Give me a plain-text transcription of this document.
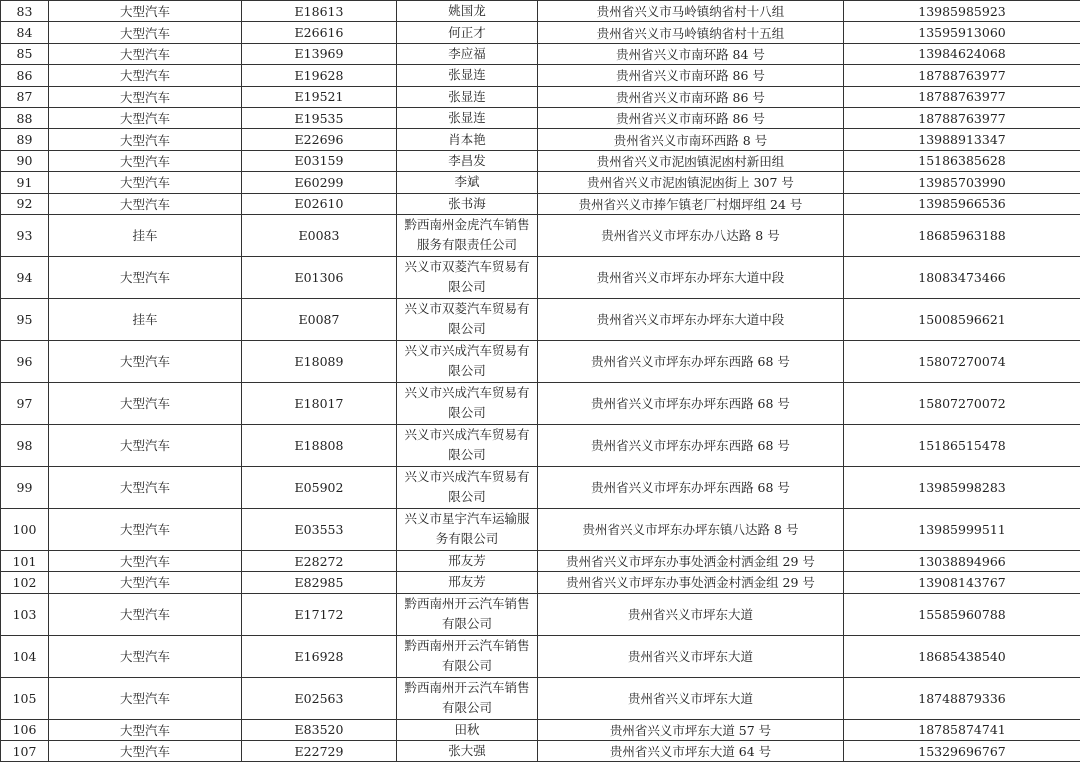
83	大型汽车	E18613	姚国龙	贵州省兴义市马岭镇纳省村十八组	13985985923
84	大型汽车	E26616	何正才	贵州省兴义市马岭镇纳省村十五组	13595913060
85	大型汽车	E13969	李应福	贵州省兴义市南环路 84 号	13984624068
86	大型汽车	E19628	张显连	贵州省兴义市南环路 86 号	18788763977
87	大型汽车	E19521	张显连	贵州省兴义市南环路 86 号	18788763977
88	大型汽车	E19535	张显连	贵州省兴义市南环路 86 号	18788763977
89	大型汽车	E22696	肖本艳	贵州省兴义市南环西路 8 号	13988913347
90	大型汽车	E03159	李昌发	贵州省兴义市泥凼镇泥凼村新田组	15186385628
91	大型汽车	E60299	李斌	贵州省兴义市泥凼镇泥凼街上 307 号	13985703990
92	大型汽车	E02610	张书海	贵州省兴义市捧乍镇老厂村烟坪组 24 号	13985966536
93	挂车	E0083	黔西南州金虎汽车销售服务有限责任公司	贵州省兴义市坪东办八达路 8 号	18685963188
94	大型汽车	E01306	兴义市双菱汽车贸易有限公司	贵州省兴义市坪东办坪东大道中段	18083473466
95	挂车	E0087	兴义市双菱汽车贸易有限公司	贵州省兴义市坪东办坪东大道中段	15008596621
96	大型汽车	E18089	兴义市兴成汽车贸易有限公司	贵州省兴义市坪东办坪东西路 68 号	15807270074
97	大型汽车	E18017	兴义市兴成汽车贸易有限公司	贵州省兴义市坪东办坪东西路 68 号	15807270072
98	大型汽车	E18808	兴义市兴成汽车贸易有限公司	贵州省兴义市坪东办坪东西路 68 号	15186515478
99	大型汽车	E05902	兴义市兴成汽车贸易有限公司	贵州省兴义市坪东办坪东西路 68 号	13985998283
100	大型汽车	E03553	兴义市星宇汽车运输服务有限公司	贵州省兴义市坪东办坪东镇八达路 8 号	13985999511
101	大型汽车	E28272	邢友芳	贵州省兴义市坪东办事处洒金村洒金组 29 号	13038894966
102	大型汽车	E82985	邢友芳	贵州省兴义市坪东办事处洒金村洒金组 29 号	13908143767
103	大型汽车	E17172	黔西南州开云汽车销售有限公司	贵州省兴义市坪东大道	15585960788
104	大型汽车	E16928	黔西南州开云汽车销售有限公司	贵州省兴义市坪东大道	18685438540
105	大型汽车	E02563	黔西南州开云汽车销售有限公司	贵州省兴义市坪东大道	18748879336
106	大型汽车	E83520	田秋	贵州省兴义市坪东大道 57 号	18785874741
107	大型汽车	E22729	张大强	贵州省兴义市坪东大道 64 号	15329696767
